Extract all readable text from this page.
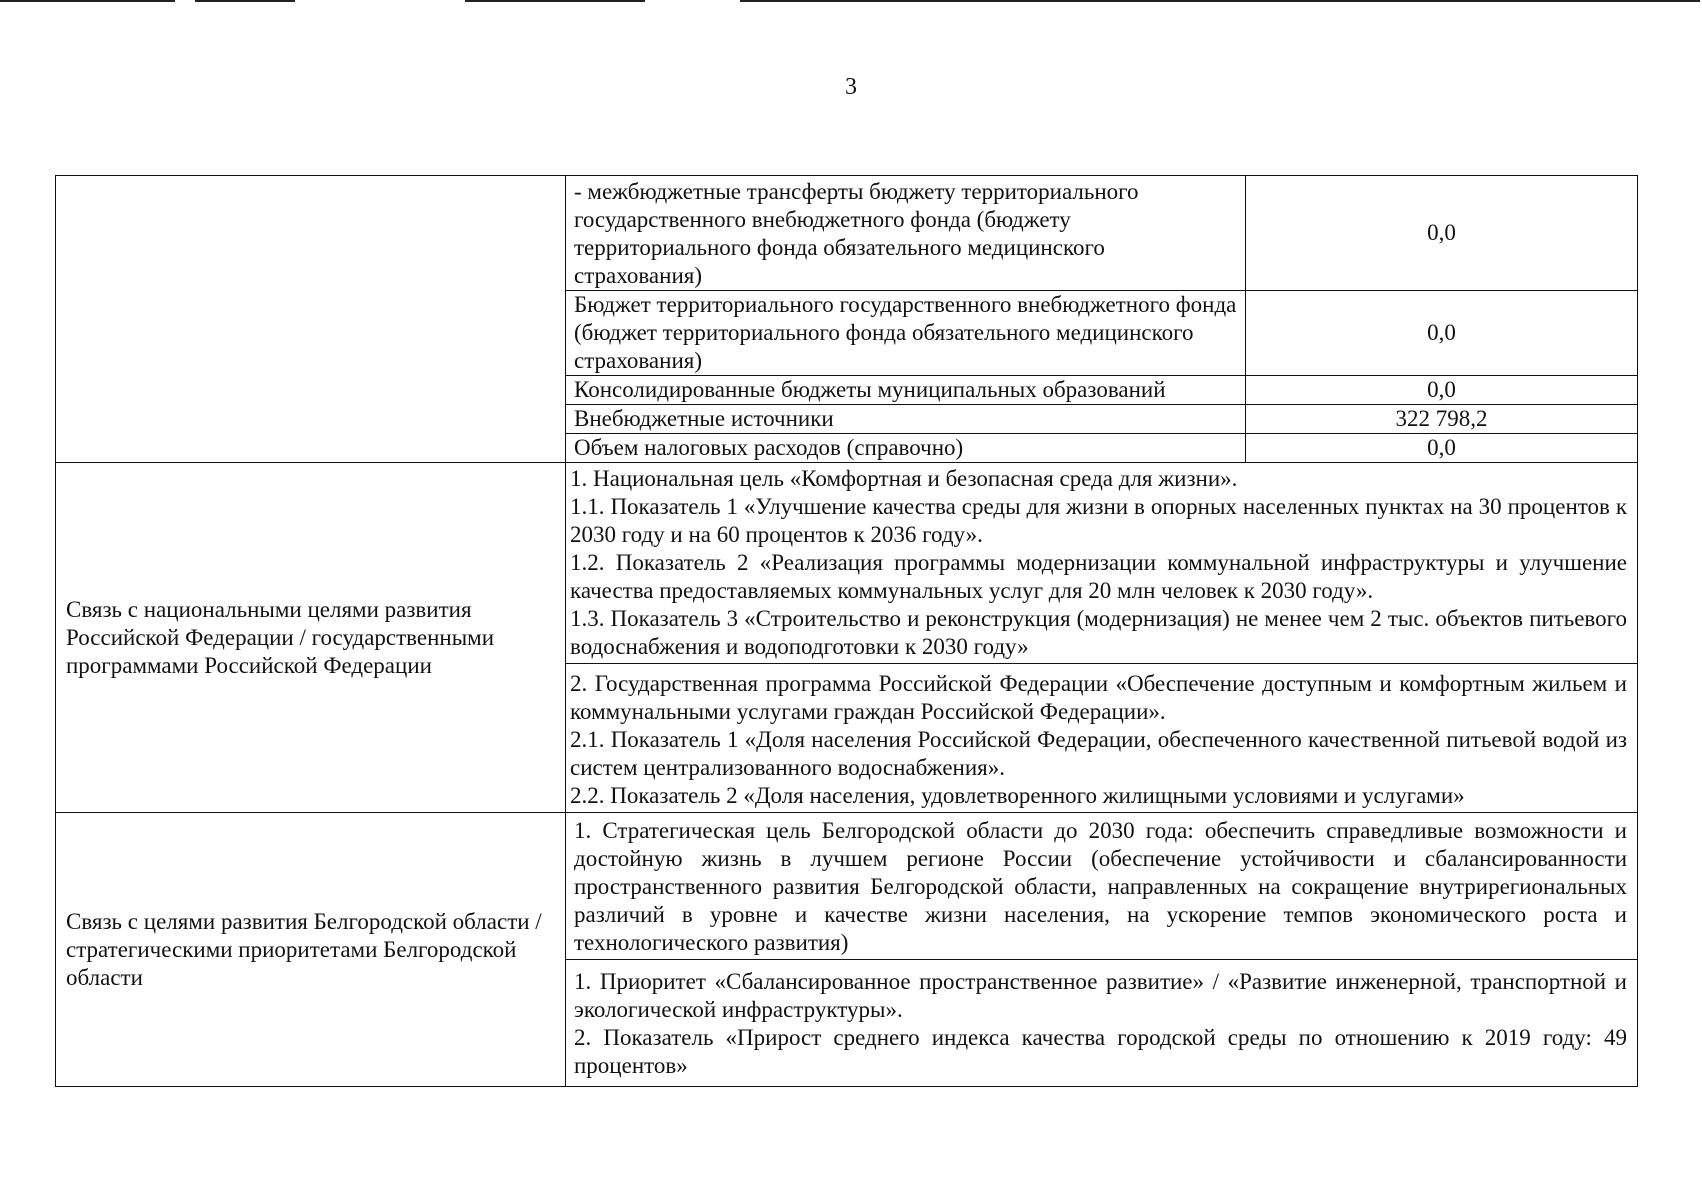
3
	- межбюджетные трансферты бюджету территориального государственного внебюджетного фонда (бюджету территориального фонда обязательного медицинского страхования)	0,0
	Бюджет территориального государственного внебюджетного фонда (бюджет территориального фонда обязательного медицинского страхования)	0,0
	Консолидированные бюджеты муниципальных образований	0,0
	Внебюджетные источники	322 798,2
	Объем налоговых расходов (справочно)	0,0
Связь с национальными целями развития Российской Федерации / государственными программами Российской Федерации	1. Национальная цель «Комфортная и безопасная среда для жизни».

1.1. Показатель 1 «Улучшение качества среды для жизни в опорных населенных пунктах на 30 процентов к 2030 году и на 60 процентов к 2036 году».

1.2. Показатель 2 «Реализация программы модернизации коммунальной инфраструктуры и улучшение качества предоставляемых коммунальных услуг для 20 млн человек к 2030 году».

1.3. Показатель 3 «Строительство и реконструкция (модернизация) не менее чем 2 тыс. объектов питьевого водоснабжения и водоподготовки к 2030 году»	

	2. Государственная программа Российской Федерации «Обеспечение доступным и комфортным жильем и коммунальными услугами граждан Российской Федерации».

2.1. Показатель 1 «Доля населения Российской Федерации, обеспеченного качественной питьевой водой из систем централизованного водоснабжения».

2.2. Показатель 2 «Доля населения, удовлетворенного жилищными условиями и услугами»	

Связь с целями развития Белгородской области / стратегическими приоритетами Белгородской области	1. Стратегическая цель Белгородской области до 2030 года: обеспечить справедливые возможности и достойную жизнь в лучшем регионе России (обеспечение устойчивости и сбалансированности пространственного развития Белгородской области, направленных на сокращение внутрирегиональных различий в уровне и качестве жизни населения, на ускорение темпов экономического роста и технологического развития)	

	1. Приоритет «Сбалансированное пространственное развитие» / «Развитие инженерной, транспортной и экологической инфраструктуры».

2. Показатель «Прирост среднего индекса качества городской среды по отношению к 2019 году: 49 процентов»	
